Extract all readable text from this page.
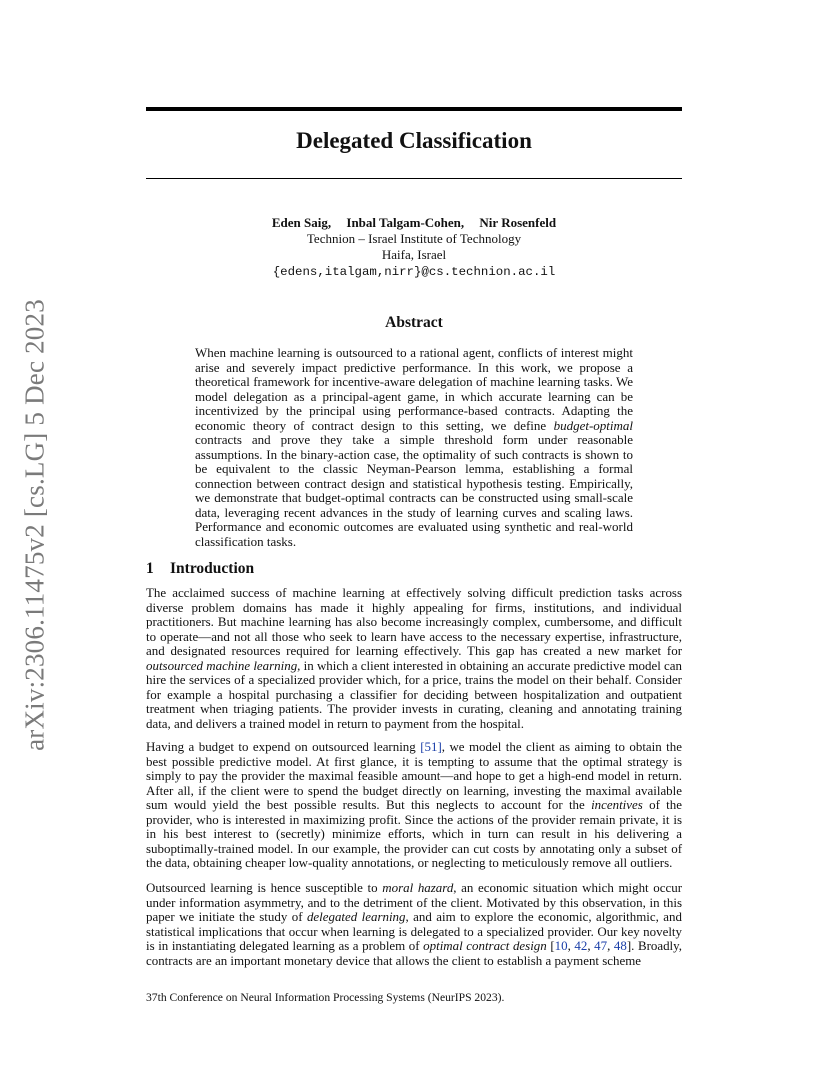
arXiv:2306.11475v2 [cs.LG] 5 Dec 2023
Delegated Classification
Eden Saig, Inbal Talgam-Cohen, Nir Rosenfeld
Technion – Israel Institute of Technology
Haifa, Israel
{edens,italgam,nirr}@cs.technion.ac.il
Abstract
When machine learning is outsourced to a rational agent, conflicts of interest might arise and severely impact predictive performance. In this work, we propose a theoretical framework for incentive-aware delegation of machine learning tasks. We model delegation as a principal-agent game, in which accurate learning can be incentivized by the principal using performance-based contracts. Adapting the economic theory of contract design to this setting, we define budget-optimal contracts and prove they take a simple threshold form under reasonable assumptions. In the binary-action case, the optimality of such contracts is shown to be equivalent to the classic Neyman-Pearson lemma, establishing a formal connection between contract design and statistical hypothesis testing. Empirically, we demonstrate that budget-optimal contracts can be constructed using small-scale data, leveraging recent advances in the study of learning curves and scaling laws. Performance and economic outcomes are evaluated using synthetic and real-world classification tasks.
1 Introduction
The acclaimed success of machine learning at effectively solving difficult prediction tasks across diverse problem domains has made it highly appealing for firms, institutions, and individual practitioners. But machine learning has also become increasingly complex, cumbersome, and difficult to operate—and not all those who seek to learn have access to the necessary expertise, infrastructure, and designated resources required for learning effectively. This gap has created a new market for outsourced machine learning, in which a client interested in obtaining an accurate predictive model can hire the services of a specialized provider which, for a price, trains the model on their behalf. Consider for example a hospital purchasing a classifier for deciding between hospitalization and outpatient treatment when triaging patients. The provider invests in curating, cleaning and annotating training data, and delivers a trained model in return to payment from the hospital.
Having a budget to expend on outsourced learning [51], we model the client as aiming to obtain the best possible predictive model. At first glance, it is tempting to assume that the optimal strategy is simply to pay the provider the maximal feasible amount—and hope to get a high-end model in return. After all, if the client were to spend the budget directly on learning, investing the maximal available sum would yield the best possible results. But this neglects to account for the incentives of the provider, who is interested in maximizing profit. Since the actions of the provider remain private, it is in his best interest to (secretly) minimize efforts, which in turn can result in his delivering a suboptimally-trained model. In our example, the provider can cut costs by annotating only a subset of the data, obtaining cheaper low-quality annotations, or neglecting to meticulously remove all outliers.
Outsourced learning is hence susceptible to moral hazard, an economic situation which might occur under information asymmetry, and to the detriment of the client. Motivated by this observation, in this paper we initiate the study of delegated learning, and aim to explore the economic, algorithmic, and statistical implications that occur when learning is delegated to a specialized provider. Our key novelty is in instantiating delegated learning as a problem of optimal contract design [10, 42, 47, 48]. Broadly, contracts are an important monetary device that allows the client to establish a payment scheme
37th Conference on Neural Information Processing Systems (NeurIPS 2023).
